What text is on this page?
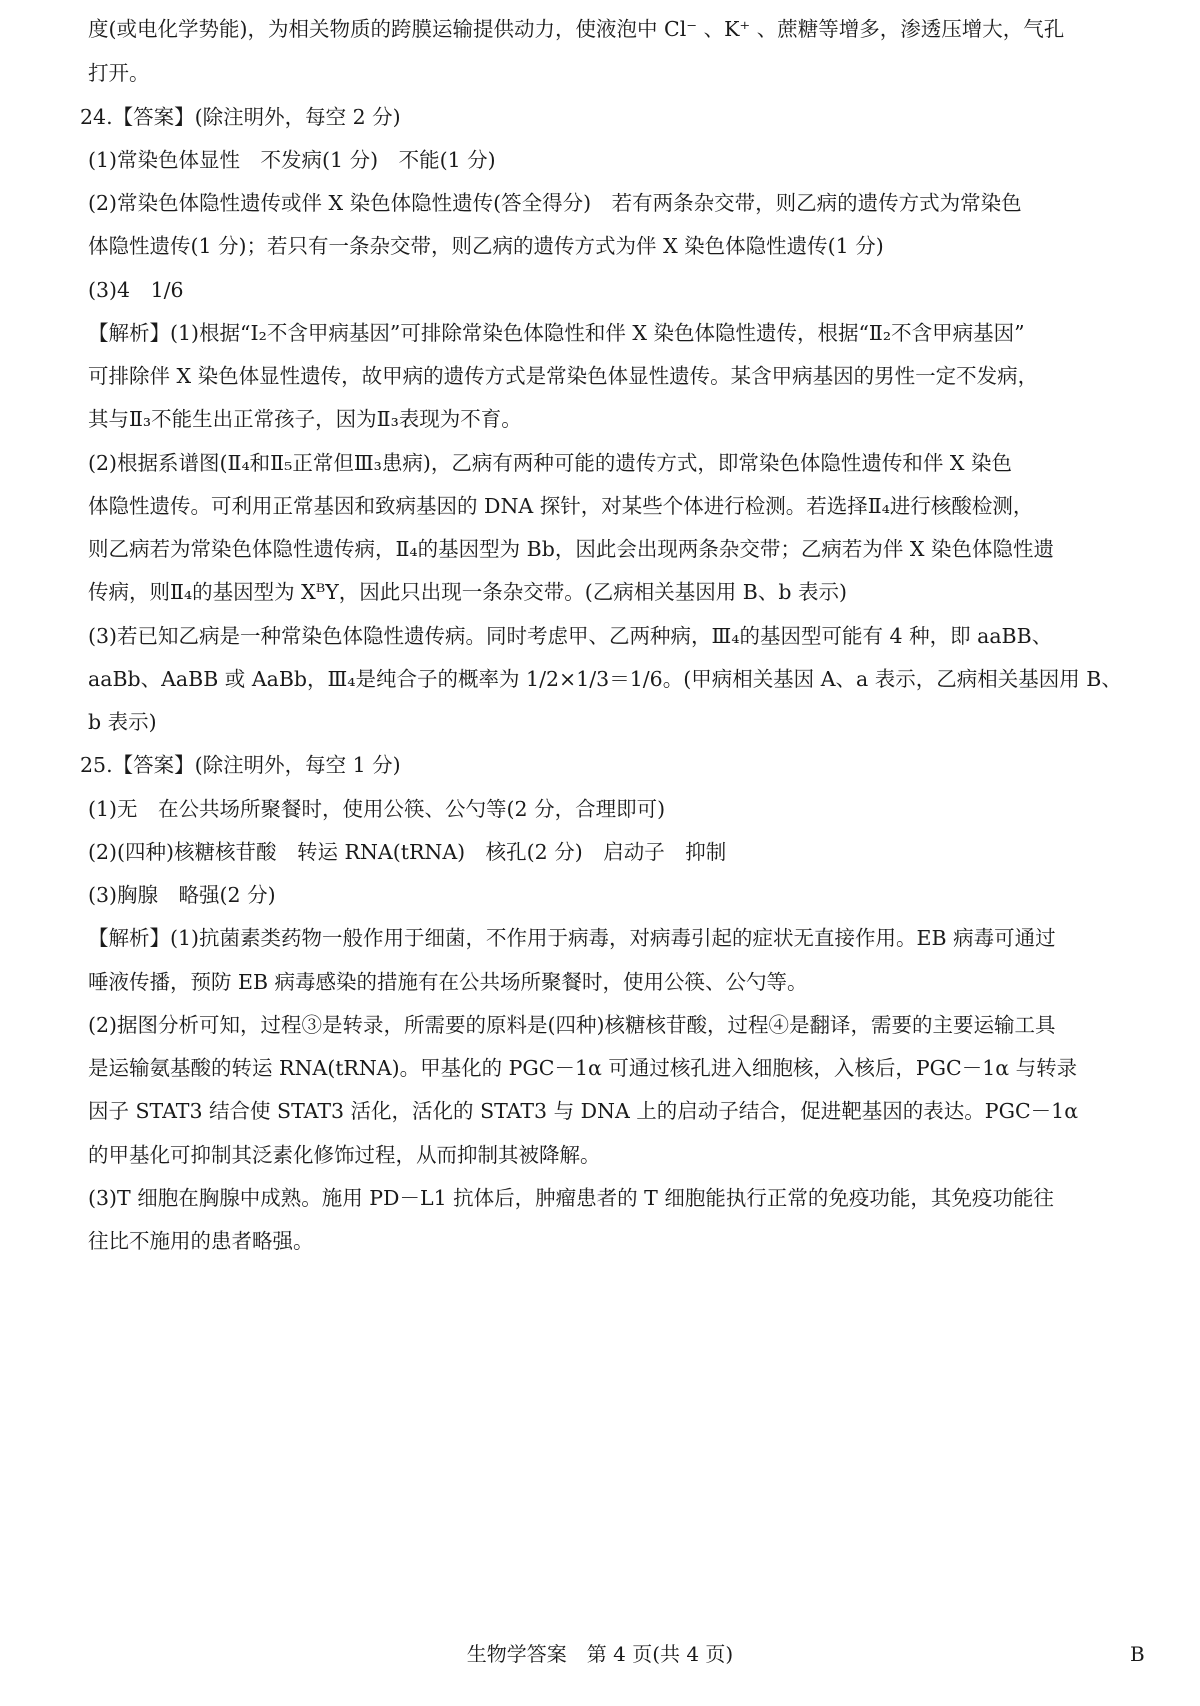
度(或电化学势能)，为相关物质的跨膜运输提供动力，使液泡中 Cl⁻ 、K⁺ 、蔗糖等增多，渗透压增大，气孔
打开。
24.【答案】(除注明外，每空 2 分)
(1)常染色体显性　不发病(1 分)　不能(1 分)
(2)常染色体隐性遗传或伴 X 染色体隐性遗传(答全得分)　若有两条杂交带，则乙病的遗传方式为常染色
体隐性遗传(1 分)；若只有一条杂交带，则乙病的遗传方式为伴 X 染色体隐性遗传(1 分)
(3)4　1/6
【解析】(1)根据“Ⅰ₂不含甲病基因”可排除常染色体隐性和伴 X 染色体隐性遗传，根据“Ⅱ₂不含甲病基因”
可排除伴 X 染色体显性遗传，故甲病的遗传方式是常染色体显性遗传。某含甲病基因的男性一定不发病，
其与Ⅱ₃不能生出正常孩子，因为Ⅱ₃表现为不育。
(2)根据系谱图(Ⅱ₄和Ⅱ₅正常但Ⅲ₃患病)，乙病有两种可能的遗传方式，即常染色体隐性遗传和伴 X 染色
体隐性遗传。可利用正常基因和致病基因的 DNA 探针，对某些个体进行检测。若选择Ⅱ₄进行核酸检测，
则乙病若为常染色体隐性遗传病，Ⅱ₄的基因型为 Bb，因此会出现两条杂交带；乙病若为伴 X 染色体隐性遗
传病，则Ⅱ₄的基因型为 XᴮY，因此只出现一条杂交带。(乙病相关基因用 B、b 表示)
(3)若已知乙病是一种常染色体隐性遗传病。同时考虑甲、乙两种病，Ⅲ₄的基因型可能有 4 种，即 aaBB、
aaBb、AaBB 或 AaBb，Ⅲ₄是纯合子的概率为 1/2×1/3＝1/6。(甲病相关基因 A、a 表示，乙病相关基因用 B、
b 表示)
25.【答案】(除注明外，每空 1 分)
(1)无　在公共场所聚餐时，使用公筷、公勺等(2 分，合理即可)
(2)(四种)核糖核苷酸　转运 RNA(tRNA)　核孔(2 分)　启动子　抑制
(3)胸腺　略强(2 分)
【解析】(1)抗菌素类药物一般作用于细菌，不作用于病毒，对病毒引起的症状无直接作用。EB 病毒可通过
唾液传播，预防 EB 病毒感染的措施有在公共场所聚餐时，使用公筷、公勺等。
(2)据图分析可知，过程③是转录，所需要的原料是(四种)核糖核苷酸，过程④是翻译，需要的主要运输工具
是运输氨基酸的转运 RNA(tRNA)。甲基化的 PGC－1α 可通过核孔进入细胞核，入核后，PGC－1α 与转录
因子 STAT3 结合使 STAT3 活化，活化的 STAT3 与 DNA 上的启动子结合，促进靶基因的表达。PGC－1α
的甲基化可抑制其泛素化修饰过程，从而抑制其被降解。
(3)T 细胞在胸腺中成熟。施用 PD－L1 抗体后，肿瘤患者的 T 细胞能执行正常的免疫功能，其免疫功能往
往比不施用的患者略强。
生物学答案　第 4 页(共 4 页)	B
